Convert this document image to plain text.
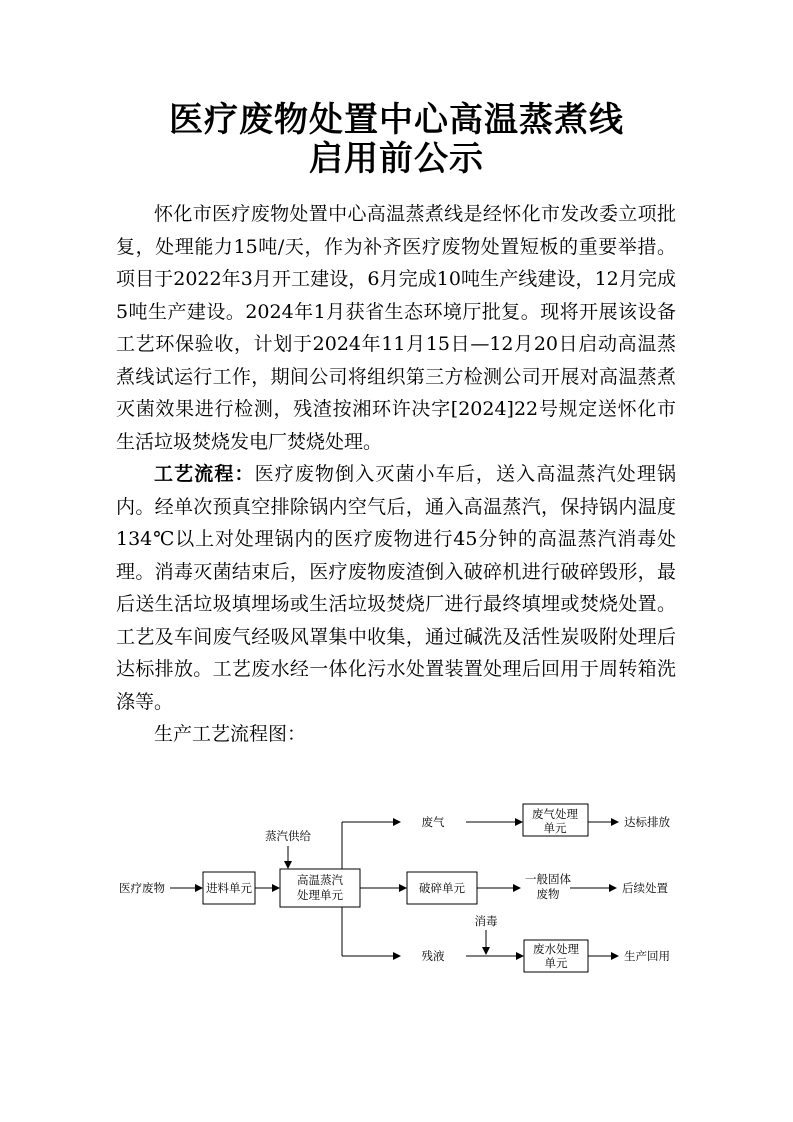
医疗废物处置中心高温蒸煮线
启用前公示

怀化市医疗废物处置中心高温蒸煮线是经怀化市发改委立项批复，处理能力15吨/天，作为补齐医疗废物处置短板的重要举措。项目于2022年3月开工建设，6月完成10吨生产线建设，12月完成5吨生产建设。2024年1月获省生态环境厅批复。现将开展该设备工艺环保验收，计划于2024年11月15日—12月20日启动高温蒸煮线试运行工作，期间公司将组织第三方检测公司开展对高温蒸煮灭菌效果进行检测，残渣按湘环许决字[2024]22号规定送怀化市生活垃圾焚烧发电厂焚烧处理。

工艺流程：医疗废物倒入灭菌小车后，送入高温蒸汽处理锅内。经单次预真空排除锅内空气后，通入高温蒸汽，保持锅内温度134℃以上对处理锅内的医疗废物进行45分钟的高温蒸汽消毒处理。消毒灭菌结束后，医疗废物废渣倒入破碎机进行破碎毁形，最后送生活垃圾填埋场或生活垃圾焚烧厂进行最终填埋或焚烧处置。工艺及车间废气经吸风罩集中收集，通过碱洗及活性炭吸附处理后达标排放。工艺废水经一体化污水处置装置处理后回用于周转箱洗涤等。

生产工艺流程图：

医疗废物	进料单元
蒸汽供给
高温蒸汽
处理单元	破碎单元
废气
废气处理
单元	达标排放
一般固体
废物	后续处置
消毒
残液	废水处理
单元	生产回用
